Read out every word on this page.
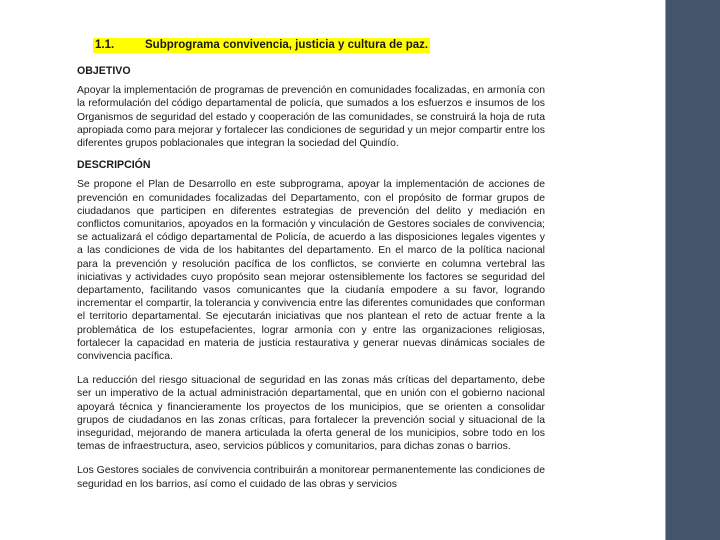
1.1.	Subprograma convivencia, justicia y cultura de paz.
OBJETIVO

Apoyar la implementación de programas de prevención en comunidades focalizadas, en armonía con la reformulación del código departamental de policía, que sumados a los esfuerzos e insumos de los Organismos de seguridad del estado y cooperación de las comunidades, se construirá la hoja de ruta apropiada como para mejorar y fortalecer las condiciones de seguridad y un mejor compartir entre los diferentes grupos poblacionales que integran la sociedad del Quindío.

DESCRIPCIÓN

Se propone el Plan de Desarrollo en este subprograma, apoyar la implementación de acciones de prevención en comunidades focalizadas del Departamento, con el propósito de formar grupos de ciudadanos que participen en diferentes estrategias de prevención del delito y mediación en conflictos comunitarios, apoyados en la formación y vinculación de Gestores sociales de convivencia; se actualizará el código departamental de Policía, de acuerdo a las disposiciones legales vigentes y a las condiciones de vida de los habitantes del departamento. En el marco de la política nacional para la prevención y resolución pacífica de los conflictos, se convierte en columna vertebral las iniciativas y actividades cuyo propósito sean mejorar ostensiblemente los factores se seguridad del departamento, facilitando vasos comunicantes que la ciudanía empodere a su favor, logrando incrementar el compartir, la tolerancia y convivencia entre las diferentes comunidades que conforman el territorio departamental. Se ejecutarán iniciativas que nos plantean el reto de actuar frente a la problemática de los estupefacientes, lograr armonía con y entre las organizaciones religiosas, fortalecer la capacidad en materia de justicia restaurativa y generar nuevas dinámicas sociales de convivencia pacífica.

La reducción del riesgo situacional de seguridad en las zonas más críticas del departamento, debe ser un imperativo de la actual administración departamental, que en unión con el gobierno nacional apoyará técnica y financieramente los proyectos de los municipios, que se orienten a consolidar grupos de ciudadanos en las zonas críticas, para fortalecer la prevención social y situacional de la inseguridad, mejorando de manera articulada la oferta general de los municipios, sobre todo en los temas de infraestructura, aseo, servicios públicos y comunitarios, para dichas zonas o barrios.

Los Gestores sociales de convivencia contribuirán a monitorear permanentemente las condiciones de seguridad en los barrios, así como el cuidado de las obras y servicios
